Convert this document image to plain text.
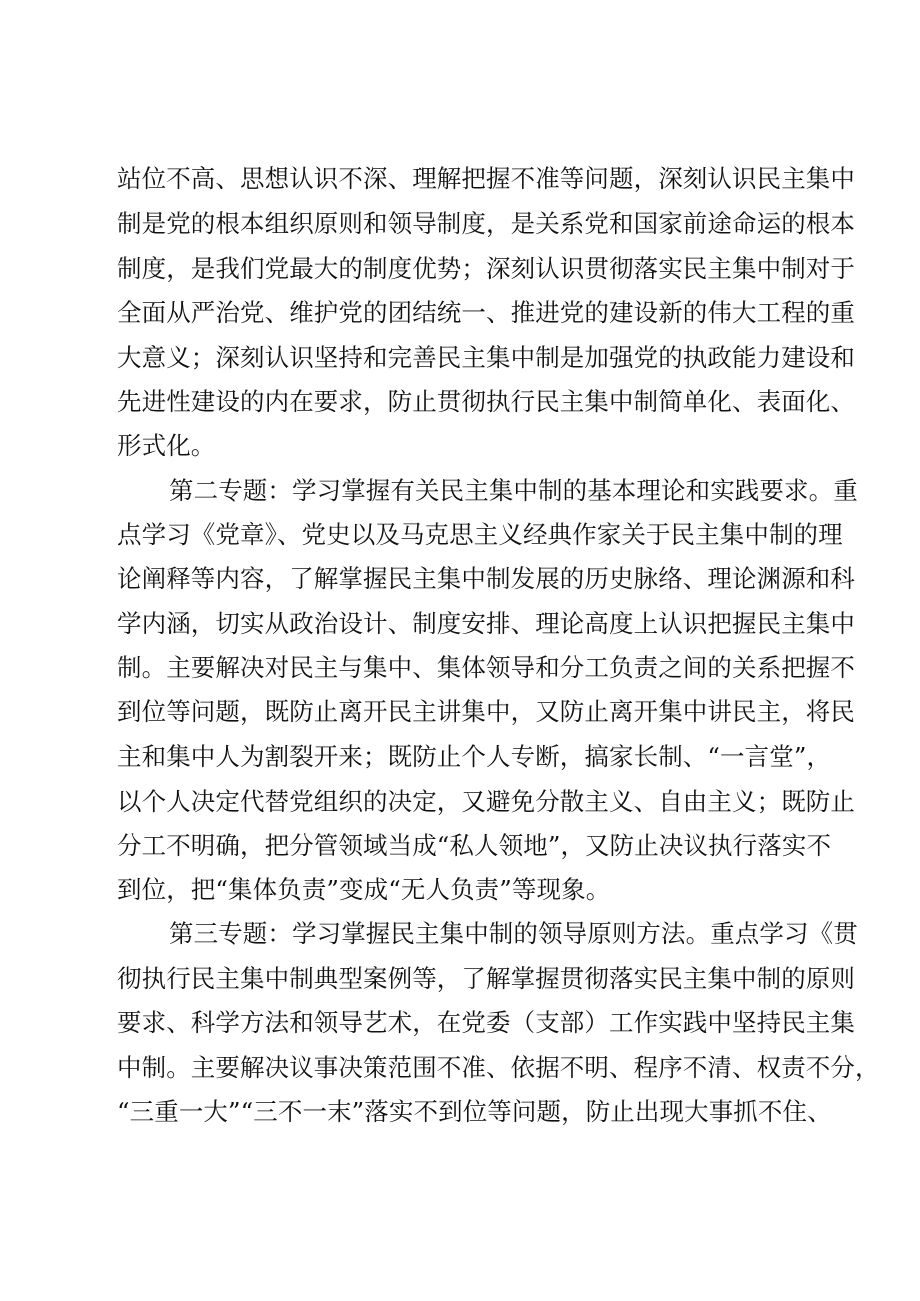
站位不高、思想认识不深、理解把握不准等问题，深刻认识民主集中
制是党的根本组织原则和领导制度，是关系党和国家前途命运的根本
制度，是我们党最大的制度优势；深刻认识贯彻落实民主集中制对于
全面从严治党、维护党的团结统一、推进党的建设新的伟大工程的重
大意义；深刻认识坚持和完善民主集中制是加强党的执政能力建设和
先进性建设的内在要求，防止贯彻执行民主集中制简单化、表面化、
形式化。
第二专题：学习掌握有关民主集中制的基本理论和实践要求。重
点学习《党章》、党史以及马克思主义经典作家关于民主集中制的理
论阐释等内容，了解掌握民主集中制发展的历史脉络、理论渊源和科
学内涵，切实从政治设计、制度安排、理论高度上认识把握民主集中
制。主要解决对民主与集中、集体领导和分工负责之间的关系把握不
到位等问题，既防止离开民主讲集中，又防止离开集中讲民主，将民
主和集中人为割裂开来；既防止个人专断，搞家长制、“一言堂”，
以个人决定代替党组织的决定，又避免分散主义、自由主义；既防止
分工不明确，把分管领域当成“私人领地”，又防止决议执行落实不
到位，把“集体负责”变成“无人负责”等现象。
第三专题：学习掌握民主集中制的领导原则方法。重点学习《贯
彻执行民主集中制典型案例等，了解掌握贯彻落实民主集中制的原则
要求、科学方法和领导艺术，在党委（支部）工作实践中坚持民主集
中制。主要解决议事决策范围不准、依据不明、程序不清、权责不分，
“三重一大”“三不一末”落实不到位等问题，防止出现大事抓不住、
